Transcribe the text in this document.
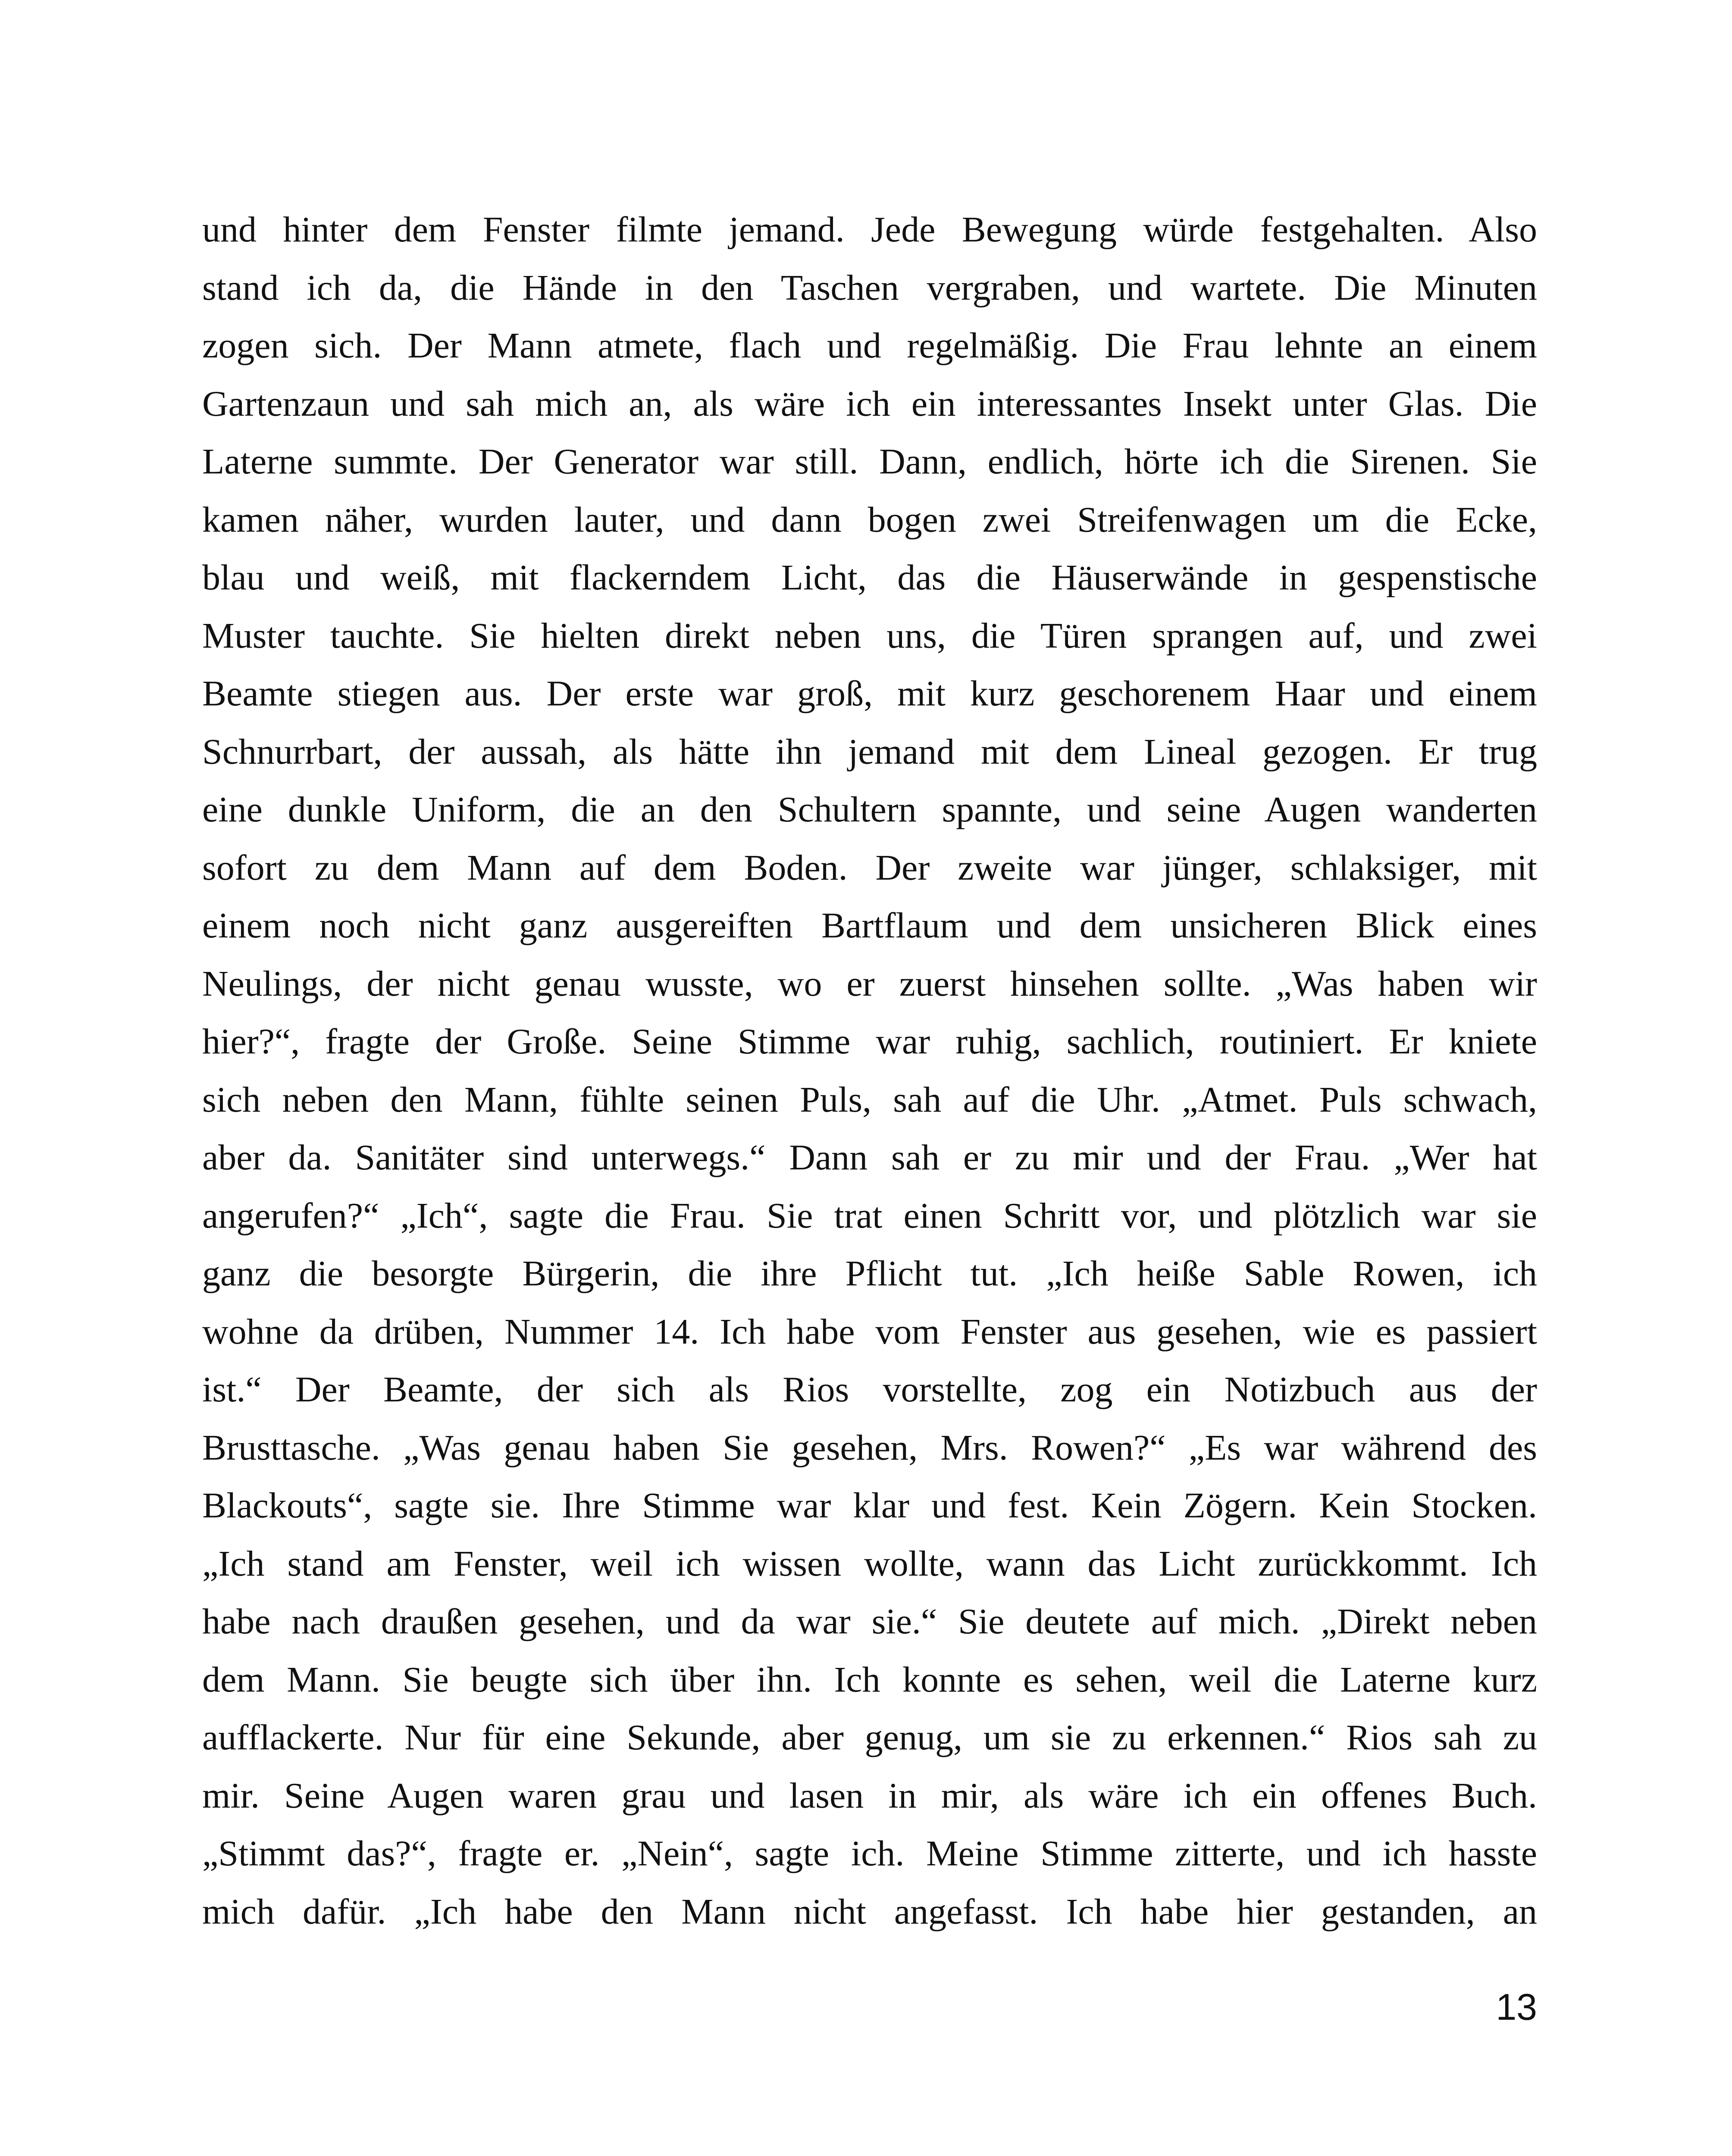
und hinter dem Fenster filmte jemand. Jede Bewegung würde festgehalten. Also
stand ich da, die Hände in den Taschen vergraben, und wartete. Die Minuten
zogen sich. Der Mann atmete, flach und regelmäßig. Die Frau lehnte an einem
Gartenzaun und sah mich an, als wäre ich ein interessantes Insekt unter Glas. Die
Laterne summte. Der Generator war still. Dann, endlich, hörte ich die Sirenen. Sie
kamen näher, wurden lauter, und dann bogen zwei Streifenwagen um die Ecke,
blau und weiß, mit flackerndem Licht, das die Häuserwände in gespenstische
Muster tauchte. Sie hielten direkt neben uns, die Türen sprangen auf, und zwei
Beamte stiegen aus. Der erste war groß, mit kurz geschorenem Haar und einem
Schnurrbart, der aussah, als hätte ihn jemand mit dem Lineal gezogen. Er trug
eine dunkle Uniform, die an den Schultern spannte, und seine Augen wanderten
sofort zu dem Mann auf dem Boden. Der zweite war jünger, schlaksiger, mit
einem noch nicht ganz ausgereiften Bartflaum und dem unsicheren Blick eines
Neulings, der nicht genau wusste, wo er zuerst hinsehen sollte. „Was haben wir
hier?“, fragte der Große. Seine Stimme war ruhig, sachlich, routiniert. Er kniete
sich neben den Mann, fühlte seinen Puls, sah auf die Uhr. „Atmet. Puls schwach,
aber da. Sanitäter sind unterwegs.“ Dann sah er zu mir und der Frau. „Wer hat
angerufen?“ „Ich“, sagte die Frau. Sie trat einen Schritt vor, und plötzlich war sie
ganz die besorgte Bürgerin, die ihre Pflicht tut. „Ich heiße Sable Rowen, ich
wohne da drüben, Nummer 14. Ich habe vom Fenster aus gesehen, wie es passiert
ist.“ Der Beamte, der sich als Rios vorstellte, zog ein Notizbuch aus der
Brusttasche. „Was genau haben Sie gesehen, Mrs. Rowen?“ „Es war während des
Blackouts“, sagte sie. Ihre Stimme war klar und fest. Kein Zögern. Kein Stocken.
„Ich stand am Fenster, weil ich wissen wollte, wann das Licht zurückkommt. Ich
habe nach draußen gesehen, und da war sie.“ Sie deutete auf mich. „Direkt neben
dem Mann. Sie beugte sich über ihn. Ich konnte es sehen, weil die Laterne kurz
aufflackerte. Nur für eine Sekunde, aber genug, um sie zu erkennen.“ Rios sah zu
mir. Seine Augen waren grau und lasen in mir, als wäre ich ein offenes Buch.
„Stimmt das?“, fragte er. „Nein“, sagte ich. Meine Stimme zitterte, und ich hasste
mich dafür. „Ich habe den Mann nicht angefasst. Ich habe hier gestanden, an
13
